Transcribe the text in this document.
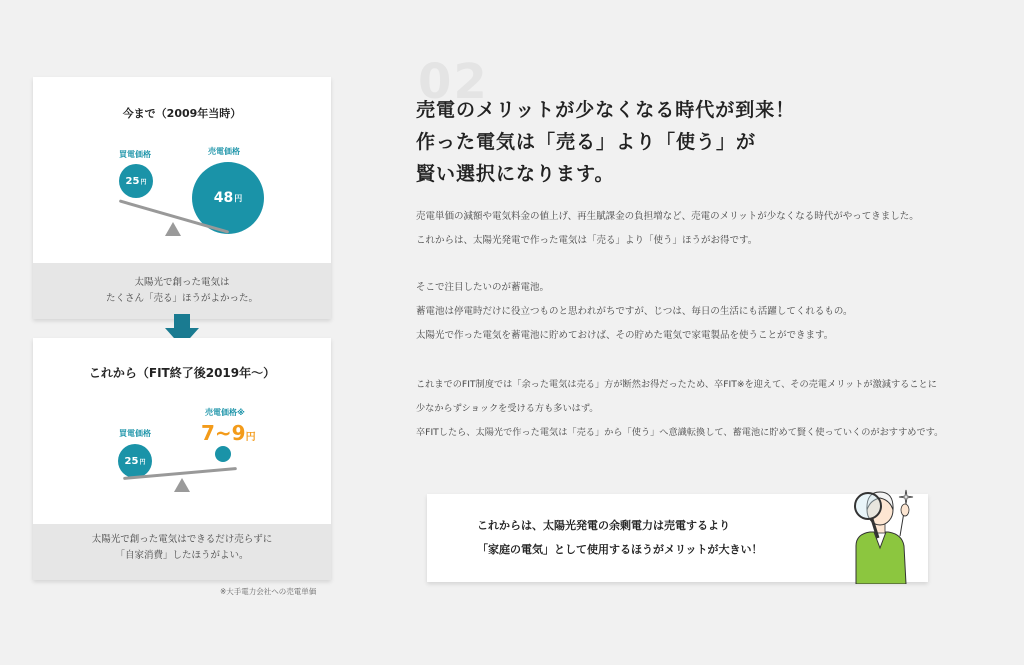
今まで（2009年当時）
買電価格
25 円
売電価格
48 円
太陽光で創った電気は
たくさん「売る」ほうがよかった。
これから（FIT終了後2019年～）
買電価格
25 円
売電価格※
7~9円
太陽光で創った電気はできるだけ売らずに
「自家消費」したほうがよい。
※大手電力会社への売電単価
02
売電のメリットが少なくなる時代が到来！
作った電気は「売る」より「使う」が
賢い選択になります。
売電単価の減額や電気料金の値上げ、再生賦課金の負担増など、売電のメリットが少なくなる時代がやってきました。
これからは、太陽光発電で作った電気は「売る」より「使う」ほうがお得です。
そこで注目したいのが蓄電池。
蓄電池は停電時だけに役立つものと思われがちですが、じつは、毎日の生活にも活躍してくれるもの。
太陽光で作った電気を蓄電池に貯めておけば、その貯めた電気で家電製品を使うことができます。
これまでのFIT制度では「余った電気は売る」方が断然お得だったため、卒FIT※を迎えて、その売電メリットが激減することに
少なからずショックを受ける方も多いはず。
卒FITしたら、太陽光で作った電気は「売る」から「使う」へ意識転換して、蓄電池に貯めて賢く使っていくのがおすすめです。
これからは、太陽光発電の余剰電力は売電するより
「家庭の電気」として使用するほうがメリットが大きい！
